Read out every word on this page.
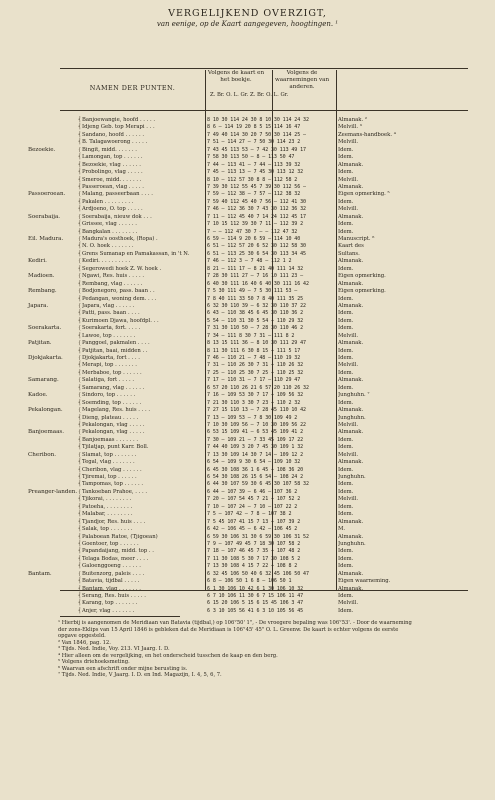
VERGELIJKEND OVERZIGT,
van eenige, op de Kaart aangegeven, hoogtingen. ¹
NAMEN DER PUNTEN.
Volgens de kaart en het boekje.
Volgens de waarnemingen van anderen.
Z. Br. O. L. Gr. Z. Br. O. L. Gr.
⎨ Banjoewangie, hoofd . . . . .	8 10 30 114 24 30 8 10 30 114 24 32	Almanak. ²
⎨ Idjeng Geb. top Merapi . . .	8 6 — 114 19 20 8 5 15 114 16 47	Melvill. ³
⎨ Sandano, hoofd . . . . . .	7 49 40 114 30 20 7 50 30 114 25 —	Zeemans-handboek. ⁴
⎨ B. Talagawoerong . . . . .	7 51 — 114 27 — 7 50 30 114 23 2	Melvill.
Bezoekie.	{ Bingit, midd. . . . . . .	7 43 45 113 53 — 7 42 30 113 49 17	Idem.
⎨ Lamongan, top . . . . . .	7 58 30 113 50 — 8 — 113 50 47	Idem.
⎨ Bezoekie, vlag . . . . . .	7 44 — 113 41 — 7 44 — 113 39 32	Almanak.
⎨ Probolingo, vlag . . . . .	7 45 — 113 13 — 7 45 30 113 12 32	Idem.
⎨ Smeroe, midd. . . . . . .	8 10 — 112 57 30 8 8 — 112 58 2	Melvill.
⎨ Passeroean, vlag . . . . .	7 39 30 112 55 45 7 39 30 112 56 —	Almanak.
Passoeroean.	{ Malang, passeerbaan . . . .	7 59 — 112 38 — 7 57 — 112 38 32	Eigen opmerking. ⁵
⎨ Pakalen . . . . . . . . .	7 59 40 112 45 40 7 56 — 112 41 30	Idem.
⎨ Ardjoeno, O. top . . . . .	7 46 — 112 36 30 7 43 30 112 36 32	Melvill.
Soerabaija.	{ Soerabaija, nieuw dok . . .	7 11 — 112 45 40 7 14 24 112 45 17	Almanak.
⎨ Grissee, vlag . . . . . .	7 10 15 112 39 30 7 11 — 112 39 2	Idem.
⎨ Bangkalan . . . . . . . .	7 — — 112 47 30 7 — — 112 47 32	Idem.
Eil. Madura.	{ Madura's oosthoek, (Ropa) .	6 59 — 114 9 20 6 59 — 114 10 40	Manuscript. ⁶
⎨ N. O. hoek . . . . . . .	6 51 — 112 57 20 6 52 30 112 58 30	Kaart des
⎨ Grens Sumanap en Pamakassan, in 't N.	6 51 — 113 25 30 6 54 30 113 34 45	Sultans.
Kediri.	{ Kediri. . . . . . . . . .	7 46 — 112 3 — 7 48 — 112 1 2	Almanak.
⎨ Segerowedi hoek Z. W. hoek .	8 21 — 111 17 — 8 21 40 111 14 32	Idem.
Madioen.	{ Ngawi, Res. huis . . . . .	7 28 30 111 27 — 7 16 10 111 23 —	Eigen opmerking.
⎨ Rembang, vlag . . . . . .	6 40 30 111 16 40 6 40 30 111 16 42	Almanak.
Rembang.	{ Bodjonegoro, pass. baan . .	7 5 30 111 49 — 7 5 30 111 53 —	Eigen opmerking.
⎨ Pedangan, woning dem. . . .	7 8 40 111 33 50 7 8 40 111 35 25	Idem.
Japara.	{ Japara, vlag . . . . . .	6 32 30 110 39 — 6 32 30 110 37 22	Almanak.
⎨ Patti, pass. baan . . . .	6 43 — 110 38 45 6 45 30 110 36 2	Idem.
⎨ Kurimoen Djawa, hoofdpl. . .	5 54 — 110 31 30 5 54 — 110 29 32	Idem.
Soerakarta.	{ Soerakarta, fort. . . . .	7 31 30 110 50 — 7 28 30 110 46 2	Idem.
⎨ Lawoe, top . . . . . . .	7 34 — 111 8 30 7 31 — 111 8 2	Melvill.
Patjitan.	{ Panggoel, pakmalen . . . .	8 13 15 111 36 — 8 10 30 111 29 47	Almanak.
⎨ Patjitan, baai, midden . .	8 11 30 111 6 30 8 15 — 111 5 17	Idem.
Djokjakarta.	{ Djokjakarta, fort . . . .	7 46 — 110 21 — 7 48 — 110 19 32	Idem.
⎨ Merapi, top . . . . . . .	7 31 — 110 26 30 7 31 — 110 26 32	Melvill.
⎨ Merbaboe, top . . . . . .	7 25 — 110 25 30 7 25 — 110 25 32	Idem.
Samarang.	{ Salatiga, fort . . . . .	7 17 — 110 31 — 7 17 — 110 29 47	Almanak.
⎨ Samarang, vlag . . . . . .	6 57 20 110 26 21 6 57 20 110 26 32	Idem.
Kadoe.	{ Sindoro, top . . . . . .	7 16 — 109 53 30 7 17 — 109 56 32	Junghuhn. ⁷
⎨ Soemding, top . . . . . .	7 21 30 110 3 30 7 23 — 110 2 32	Idem.
Pekalongan.	{ Magelang, Res. huis . . . .	7 27 15 110 13 — 7 28 45 110 10 42	Almanak.
⎨ Dieng, plateau . . . . .	7 13 — 109 53 — 7 8 30 109 49 2	Junghuhn.
⎨ Pekalongan, vlag . . . . .	7 10 30 109 56 — 7 10 30 109 56 22	Melvill.
Banjoemaas.	{ Pekalongan, vlag . . . . .	6 53 15 109 41 — 6 53 45 109 41 2	Almanak.
⎨ Banjoemaas . . . . . . .	7 30 — 109 21 — 7 33 45 109 17 22	Idem.
⎨ Tjilatjap, punt Karr. Boll.	7 44 40 109 3 20 7 45 30 109 1 32	Idem.
Cheribon.	{ Slamat, top . . . . . . .	7 13 30 109 14 30 7 14 — 109 12 2	Melvill.
⎨ Tegal, vlag . . . . . . .	6 54 — 109 9 30 6 54 — 109 10 32	Almanak.
⎨ Cheribon, vlag . . . . . .	6 45 30 108 36 1 6 45 — 108 36 20	Idem.
⎨ Tjiremai, top . . . . . .	6 54 30 108 26 15 6 54 — 108 24 2	Junghuhn.
⎨ Tampomas, top . . . . . .	6 44 30 107 59 30 6 45 30 107 58 32	Idem.
Preanger-landen. { Tankoeban Prahoe, . . . .	6 44 — 107 39 — 6 46 — 107 36 2	Idem.
⎨ Tjikorai, . . . . . . . .	7 20 — 107 54 45 7 21 — 107 52 2	Melvill.
⎨ Patoeha, . . . . . . . .	7 10 — 107 24 — 7 10 — 107 22 2	Idem.
⎨ Malabar, . . . . . . . .	7 5 — 107 42 — 7 8 — 107 38 2	Idem.
⎨ Tjandjor, Res. huis . . . .	7 5 45 107 41 15 7 13 — 107 39 2	Almanak.
⎨ Salak, top . . . . . . .	6 42 — 106 45 — 6 42 — 106 45 2	M.
⎨ Palaboean Ratoe, (Tjigoean)	6 59 30 106 31 30 6 59 30 106 31 52	Almanak.
⎨ Goentoer, top . . . . . .	7 9 — 107 49 45 7 18 30 107 58 2	Junghuhn.
⎨ Papandaijang, midd. top . .	7 18 — 107 46 45 7 35 — 107 48 2	Idem.
⎨ Telaga Bodas, meer . . . .	7 11 30 108 5 30 7 17 30 108 5 2	Idem.
⎨ Galoenggoeng . . . . . .	7 13 30 108 4 15 7 22 — 108 8 2	Idem.
Bantam.	{ Buitenzorg, paleis . . . .	6 32 45 106 50 40 6 32 45 106 50 47	Almanak.
⎨ Batavia, tijdbal . . . . .	6 8 — 106 50 1 6 8 — 106 50 1	Eigen waarneming.
⎨ Bantam, vlag . . . . . . .	6 1 30 106 10 42 6 1 30 106 10 32	Almanak.
⎨ Serang, Res. huis . . . . .	6 7 10 106 11 30 6 7 15 106 11 47	Idem.
⎨ Karang, top . . . . . . .	6 15 20 106 5 15 6 15 45 106 3 47	Melvill.
⎨ Anjer, vlag . . . . . . .	6 3 10 105 56 41 6 3 10 105 56 45	Idem.
¹ Hierbij is aangenomen de Meridiaan van Batavia (tijdbal,) op 106°50' 1", - De vroegere bepaling was 106°53'. - Door de waarneming
der zons-Eklips van 15 April 1846 is gebleken dat de Meridiaan is 106°45' 45" O. L. Greenw. De kaart is echter volgens de eerste
opgave opgesteld.
² Van 1846, pag. 12.
³ Tijds. Ned. Indie, Voy. 213. VI Jaarg. I. D.
⁴ Hier alleen om de vergelijking, en het onderscheid tusschen de kaap en den berg.
⁵ Volgens driehoeksmeting.
⁶ Waarvan een afschrift onder mijne berusting is.
⁷ Tijds. Ned. Indie, V Jaarg. I. D. en Ind. Magazijn, I. 4, 5, 6, 7.
